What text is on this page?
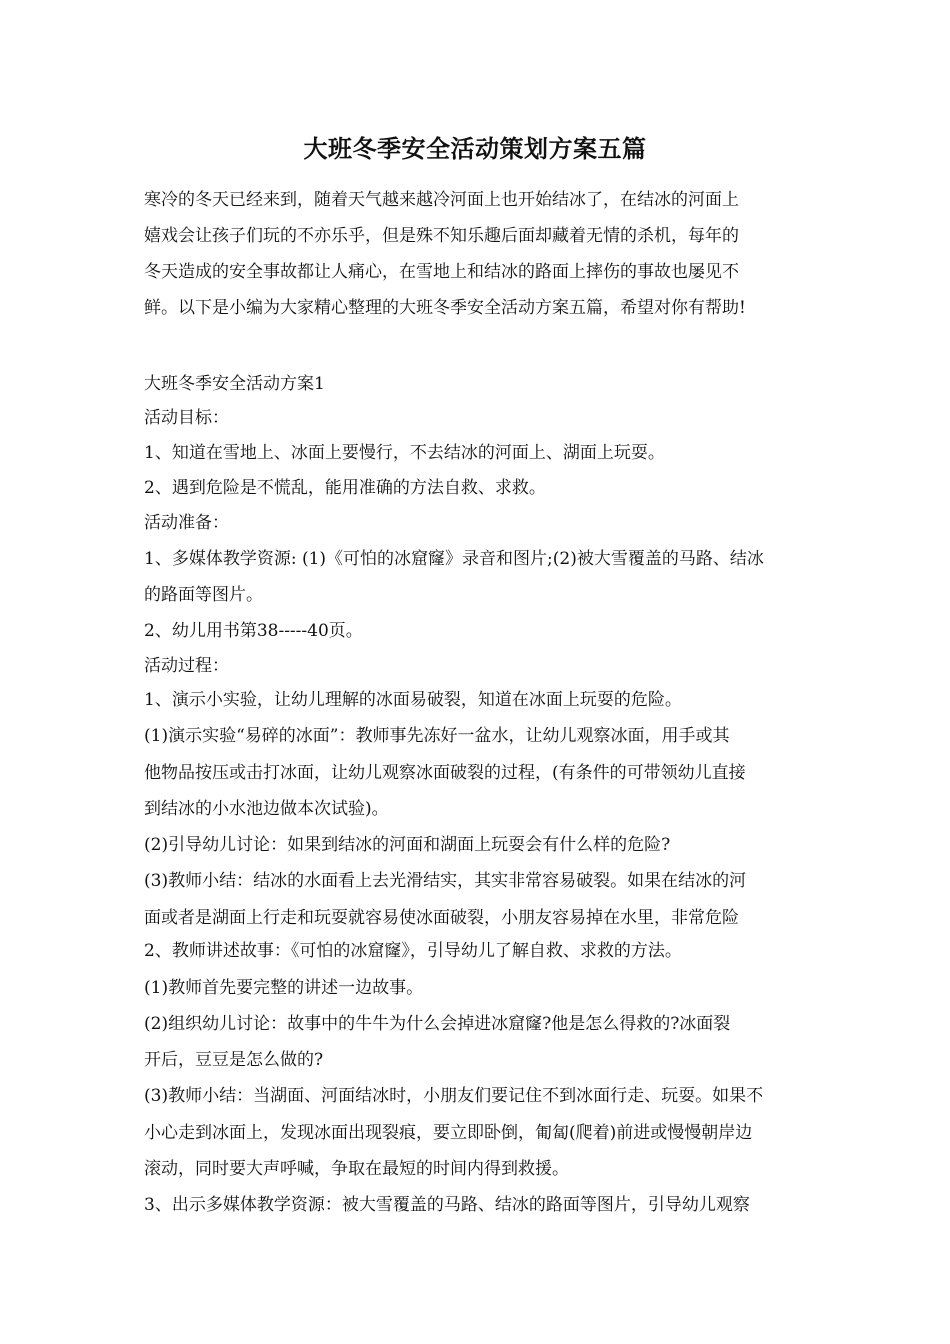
大班冬季安全活动策划方案五篇

寒冷的冬天已经来到，随着天气越来越冷河面上也开始结冰了，在结冰的河面上

嬉戏会让孩子们玩的不亦乐乎，但是殊不知乐趣后面却藏着无情的杀机，每年的

冬天造成的安全事故都让人痛心，在雪地上和结冰的路面上摔伤的事故也屡见不

鲜。以下是小编为大家精心整理的大班冬季安全活动方案五篇，希望对你有帮助!

大班冬季安全活动方案1

活动目标：

1、知道在雪地上、冰面上要慢行，不去结冰的河面上、湖面上玩耍。

2、遇到危险是不慌乱，能用准确的方法自救、求救。

活动准备：

1、多媒体教学资源: (1)《可怕的冰窟窿》录音和图片;(2)被大雪覆盖的马路、结冰

的路面等图片。

2、幼儿用书第38-----40页。

活动过程：

1、演示小实验，让幼儿理解的冰面易破裂，知道在冰面上玩耍的危险。

(1)演示实验“易碎的冰面”：教师事先冻好一盆水，让幼儿观察冰面，用手或其

他物品按压或击打冰面，让幼儿观察冰面破裂的过程，(有条件的可带领幼儿直接

到结冰的小水池边做本次试验)。

(2)引导幼儿讨论：如果到结冰的河面和湖面上玩耍会有什么样的危险?

(3)教师小结：结冰的水面看上去光滑结实，其实非常容易破裂。如果在结冰的河

面或者是湖面上行走和玩耍就容易使冰面破裂，小朋友容易掉在水里，非常危险

2、教师讲述故事：《可怕的冰窟窿》，引导幼儿了解自救、求救的方法。

(1)教师首先要完整的讲述一边故事。

(2)组织幼儿讨论：故事中的牛牛为什么会掉进冰窟窿?他是怎么得救的?冰面裂

开后，豆豆是怎么做的?

(3)教师小结：当湖面、河面结冰时，小朋友们要记住不到冰面行走、玩耍。如果不

小心走到冰面上，发现冰面出现裂痕，要立即卧倒，匍匐(爬着)前进或慢慢朝岸边

滚动，同时要大声呼喊，争取在最短的时间内得到救援。

3、出示多媒体教学资源：被大雪覆盖的马路、结冰的路面等图片，引导幼儿观察
